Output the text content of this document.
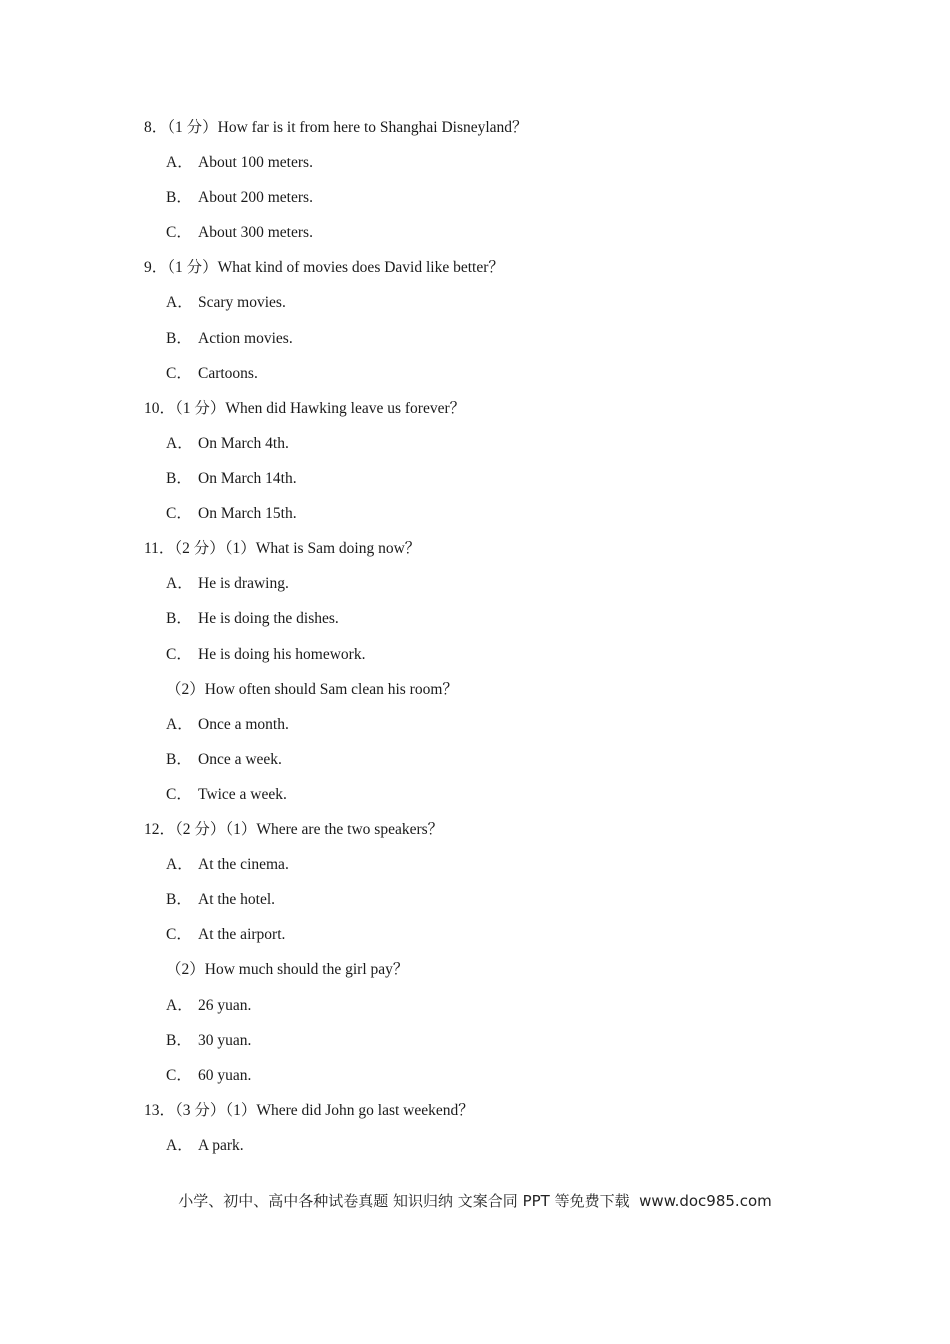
8．（1 分）How far is it from here to Shanghai Disneyland？
A． About 100 meters.
B． About 200 meters.
C． About 300 meters.
9．（1 分）What kind of movies does David like better？
A． Scary movies.
B． Action movies.
C． Cartoons.
10．（1 分）When did Hawking leave us forever？
A． On March 4th.
B． On March 14th.
C． On March 15th.
11．（2 分）（1）What is Sam doing now？
A． He is drawing.
B． He is doing the dishes.
C． He is doing his homework.
（2）How often should Sam clean his room？
A． Once a month.
B． Once a week.
C． Twice a week.
12．（2 分）（1）Where are the two speakers？
A． At the cinema.
B． At the hotel.
C． At the airport.
（2）How much should the girl pay？
A． 26 yuan.
B． 30 yuan.
C． 60 yuan.
13．（3 分）（1）Where did John go last weekend？
A． A park.
小学、初中、高中各种试卷真题 知识归纳 文案合同 PPT 等免费下载 www.doc985.com
